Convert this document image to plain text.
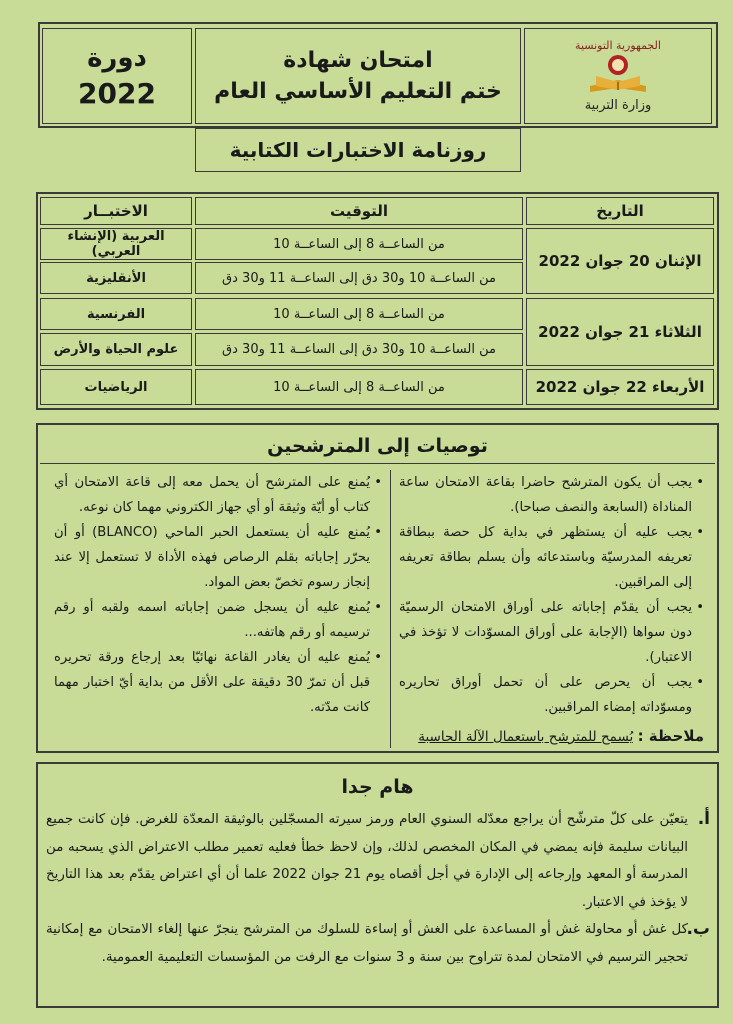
الجمهورية التونسية
وزارة التربية
امتحان شهادة
ختم التعليم الأساسي العام
دورة
2022
روزنامة الاختبارات الكتابية
التاريخ
التوقيت
الاختبــار
الإثنان 20 جوان 2022
من الساعــة 8 إلى الساعــة 10
العربية (الإنشاء العربي)
من الساعــة 10 و30 دق إلى الساعــة 11 و30 دق
الأنقليزية
الثلاثاء 21 جوان 2022
من الساعــة 8 إلى الساعــة 10
الفرنسية
من الساعــة 10 و30 دق إلى الساعــة 11 و30 دق
علوم الحياة والأرض
الأربعاء 22 جوان 2022
من الساعــة 8 إلى الساعــة 10
الرياضيات
توصيات إلى المترشحين
• يجب أن يكون المترشح حاضرا بقاعة الامتحان ساعة المناداة (السابعة والنصف صباحا).
• يجب عليه أن يستظهر في بداية كل حصة ببطاقة تعريفه المدرسيّة وباستدعائه وأن يسلم بطاقة تعريفه إلى المراقبين.
• يجب أن يقدّم إجاباته على أوراق الامتحان الرسميّة دون سواها (الإجابة على أوراق المسوّدات لا تؤخذ في الاعتبار).
• يجب أن يحرص على أن تحمل أوراق تحاريره ومسوّداته إمضاء المراقبين.
ملاحظة : يُسمح للمترشح باستعمال الآلة الحاسبة
• يُمنع على المترشح أن يحمل معه إلى قاعة الامتحان أي كتاب أو أيّة وثيقة أو أي جهاز الكتروني مهما كان نوعه.
• يُمنع عليه أن يستعمل الحبر الماحي (BLANCO) أو أن يحرّر إجاباته بقلم الرصاص فهذه الأداة لا تستعمل إلا عند إنجاز رسوم تخصّ بعض المواد.
• يُمنع عليه أن يسجل ضمن إجاباته اسمه ولقبه أو رقم ترسيمه أو رقم هاتفه...
• يُمنع عليه أن يغادر القاعة نهائيّا بعد إرجاع ورقة تحريره قبل أن تمرّ 30 دقيقة على الأقل من بداية أيّ اختبار مهما كانت مدّته.
هام جدا
أ.
يتعيّن على كلّ مترشّح أن يراجع معدّله السنوي العام ورمز سيرته المسجّلين بالوثيقة المعدّة للغرض. فإن كانت جميع البيانات سليمة فإنه يمضي في المكان المخصص لذلك، وإن لاحظ خطأ فعليه تعمير مطلب الاعتراض الذي يسحبه من المدرسة أو المعهد وإرجاعه إلى الإدارة في أجل أقصاه يوم 21 جوان 2022 علما أن أي اعتراض يقدّم بعد هذا التاريخ لا يؤخذ في الاعتبار.
ب.
كل غش أو محاولة غش أو المساعدة على الغش أو إساءة للسلوك من المترشح ينجرّ عنها إلغاء الامتحان مع إمكانية تحجير الترسيم في الامتحان لمدة تتراوح بين سنة و 3 سنوات مع الرفت من المؤسسات التعليمية العمومية.
